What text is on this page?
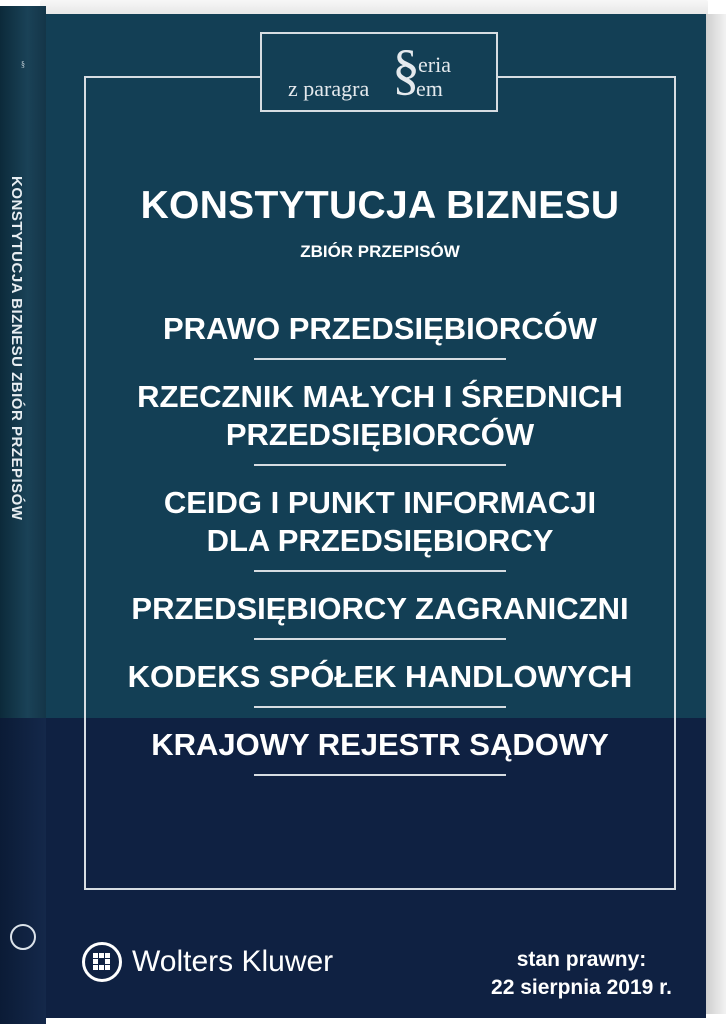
§
KONSTYTUCJA BIZNESU ZBIÓR PRZEPISÓW
z paragra §
eria
em
KONSTYTUCJA BIZNESU
ZBIÓR PRZEPISÓW
PRAWO PRZEDSIĘBIORCÓW
RZECZNIK MAŁYCH I ŚREDNICH
PRZEDSIĘBIORCÓW
CEIDG I PUNKT INFORMACJI
DLA PRZEDSIĘBIORCY
PRZEDSIĘBIORCY ZAGRANICZNI
KODEKS SPÓŁEK HANDLOWYCH
KRAJOWY REJESTR SĄDOWY
Wolters Kluwer	stan prawny:
22 sierpnia 2019 r.
